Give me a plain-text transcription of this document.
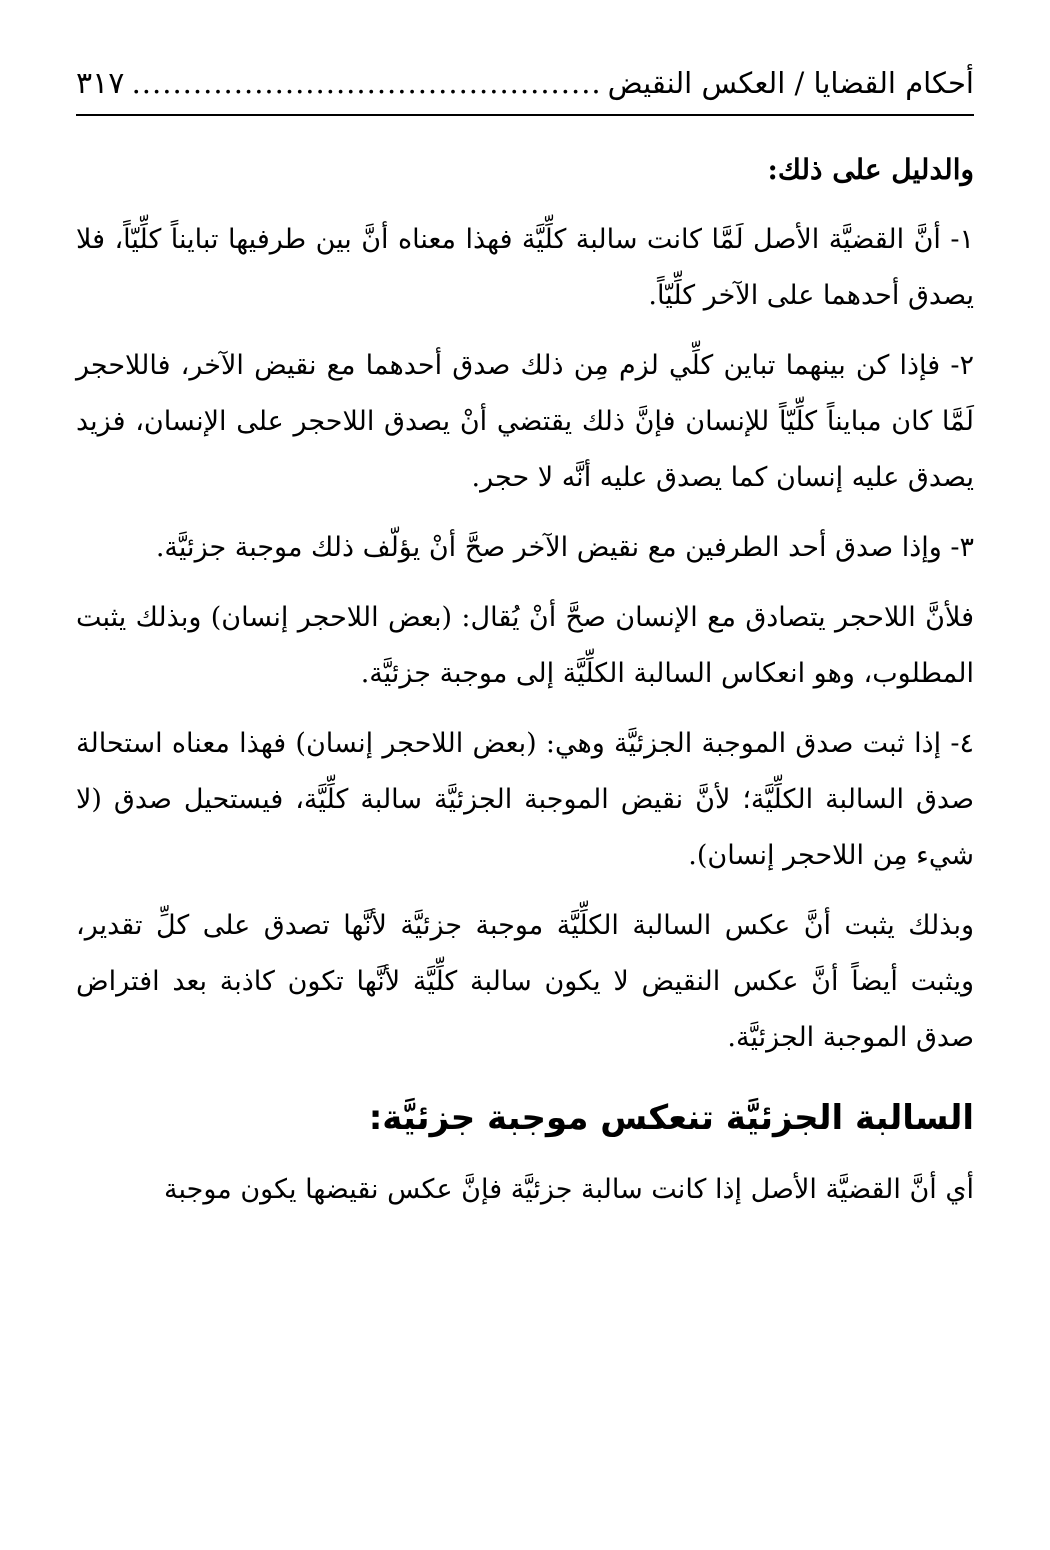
أحكام القضايا / العكس النقيض
..............................................
٣١٧
والدليل على ذلك:

١- أنَّ القضيَّة الأصل لَمَّا كانت سالبة كلِّيَّة فهذا معناه أنَّ بين طرفيها تبايناً كلِّيّاً، فلا يصدق أحدهما على الآخر كلِّيّاً.

٢- فإذا كن بينهما تباين كلِّي لزم مِن ذلك صدق أحدهما مع نقيض الآخر، فاللاحجر لَمَّا كان مبايناً كلِّيّاً للإنسان فإنَّ ذلك يقتضي أنْ يصدق اللاحجر على الإنسان، فزيد يصدق عليه إنسان كما يصدق عليه أنَّه لا حجر.

٣- وإذا صدق أحد الطرفين مع نقيض الآخر صحَّ أنْ يؤلّف ذلك موجبة جزئيَّة.

فلأنَّ اللاحجر يتصادق مع الإنسان صحَّ أنْ يُقال: (بعض اللاحجر إنسان) وبذلك يثبت المطلوب، وهو انعكاس السالبة الكلِّيَّة إلى موجبة جزئيَّة.

٤- إذا ثبت صدق الموجبة الجزئيَّة وهي: (بعض اللاحجر إنسان) فهذا معناه استحالة صدق السالبة الكلِّيَّة؛ لأنَّ نقيض الموجبة الجزئيَّة سالبة كلِّيَّة، فيستحيل صدق (لا شيء مِن اللاحجر إنسان).

وبذلك يثبت أنَّ عكس السالبة الكلِّيَّة موجبة جزئيَّة لأنَّها تصدق على كلِّ تقدير، ويثبت أيضاً أنَّ عكس النقيض لا يكون سالبة كلِّيَّة لأنَّها تكون كاذبة بعد افتراض صدق الموجبة الجزئيَّة.

السالبة الجزئيَّة تنعكس موجبة جزئيَّة:

أي أنَّ القضيَّة الأصل إذا كانت سالبة جزئيَّة فإنَّ عكس نقيضها يكون موجبة
